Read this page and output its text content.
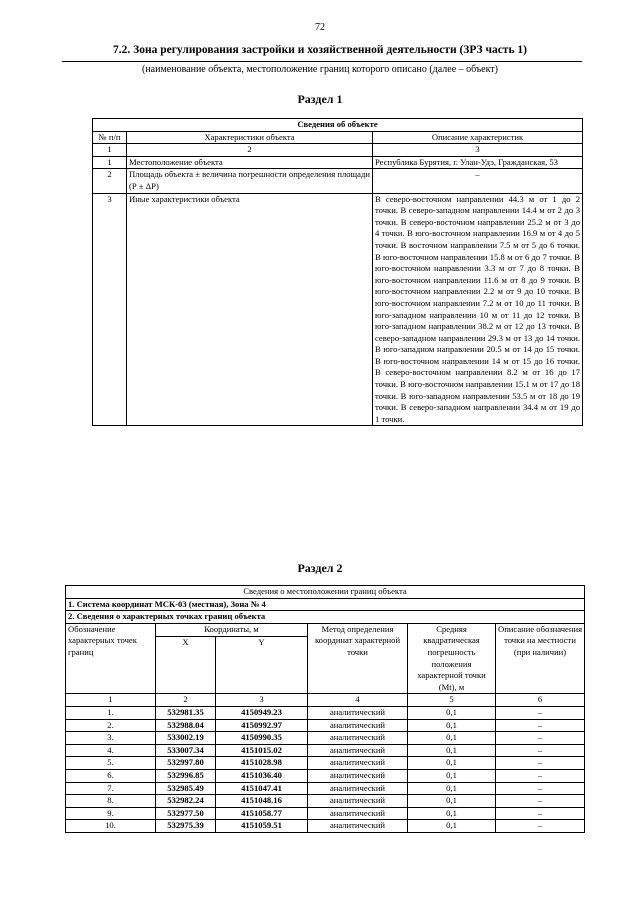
72
7.2. Зона регулирования застройки и хозяйственной деятельности (ЗРЗ часть 1)
(наименование объекта, местоположение границ которого описано (далее – объект)
Раздел 1
Сведения об объекте		
№ п/п	Характеристики объекта	Описание характеристик
1	2	3
1	Местоположение объекта	Республика Бурятия, г. Улан-Удэ, Гражданская, 53
2	Площадь объекта ± величина погрешности определения площади (Р ± ΔР)	–
3	Иные характеристики объекта	В северо-восточном направлении 44.3 м от 1 до 2 точки. В северо-западном направлении 14.4 м от 2 до 3 точки. В северо-восточном направлении 25.2 м от 3 до 4 точки. В юго-восточном направлении 16.9 м от 4 до 5 точки. В восточном направлении 7.5 м от 5 до 6 точки. В юго-восточном направлении 15.8 м от 6 до 7 точки. В юго-восточном направлении 3.3 м от 7 до 8 точки. В юго-восточном направлении 11.6 м от 8 до 9 точки. В юго-восточном направлении 2.2 м от 9 до 10 точки. В юго-восточном направлении 7.2 м от 10 до 11 точки. В юго-западном направлении 10 м от 11 до 12 точки. В юго-западном направлении 38.2 м от 12 до 13 точки. В северо-западном направлении 29.3 м от 13 до 14 точки. В юго-западном направлении 20.5 м от 14 до 15 точки. В юго-восточном направлении 14 м от 15 до 16 точки. В северо-восточном направлении 8.2 м от 16 до 17 точки. В юго-восточном направлении 15.1 м от 17 до 18 точки. В юго-западном направлении 53.5 м от 18 до 19 точки. В северо-западном направлении 34.4 м от 19 до 1 точки.
Раздел 2
Сведения о местоположении границ объекта					
1. Система координат МСК-03 (местная), Зона № 4					
2. Сведения о характерных точках границ объекта					
Обозначение характерных точек границ	Координаты, м		Метод определения координат характерной точки	Средняя квадратическая погрешность положения характерной точки (Mt), м	Описание обозначения точки на местности (при наличии)
	X	Y			
1	2	3	4	5	6
1.	532981.35	4150949.23	аналитический	0,1	–
2.	532988.04	4150992.97	аналитический	0,1	–
3.	533002.19	4150990.35	аналитический	0,1	–
4.	533007.34	4151015.02	аналитический	0,1	–
5.	532997.80	4151028.98	аналитический	0,1	–
6.	532996.85	4151036.40	аналитический	0,1	–
7.	532985.49	4151047.41	аналитический	0,1	–
8.	532982.24	4151048.16	аналитический	0,1	–
9.	532977.50	4151058.77	аналитический	0,1	–
10.	532975.39	4151059.51	аналитический	0,1	–
